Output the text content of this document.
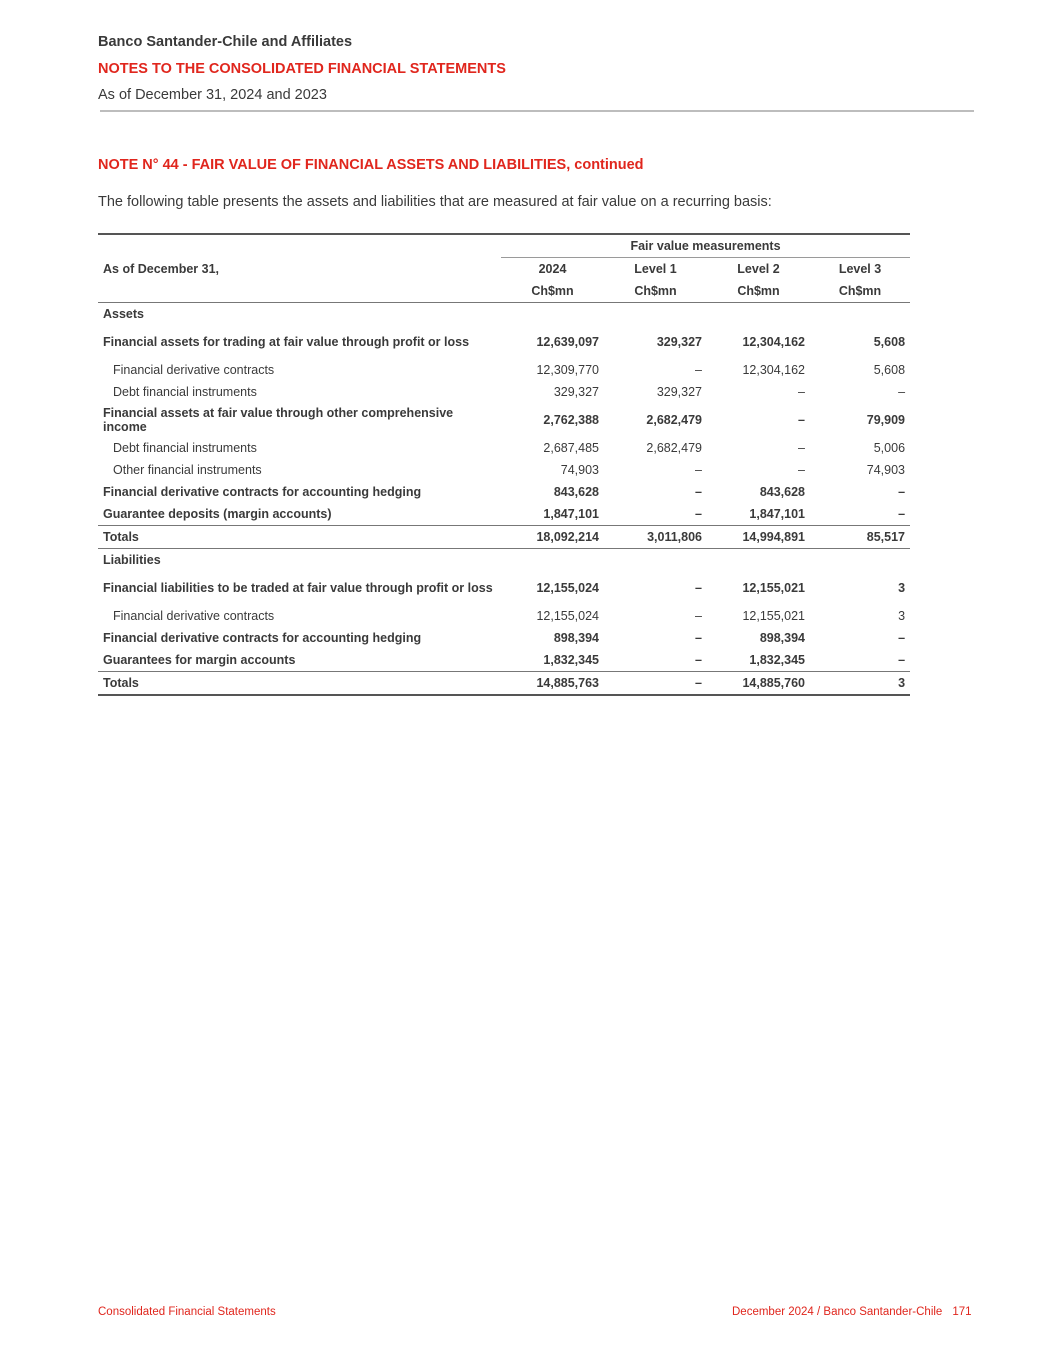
Banco Santander-Chile and Affiliates
NOTES TO THE CONSOLIDATED FINANCIAL STATEMENTS
As of December 31, 2024 and 2023
NOTE N° 44 - FAIR VALUE OF FINANCIAL ASSETS AND LIABILITIES, continued
The following table presents the assets and liabilities that are measured at fair value on a recurring basis:
	Fair value measurements			
As of December 31,	2024	Level 1	Level 2	Level 3
	Ch$mn	Ch$mn	Ch$mn	Ch$mn
Assets				
Financial assets for trading at fair value through profit or loss	12,639,097	329,327	12,304,162	5,608
Financial derivative contracts	12,309,770	–	12,304,162	5,608
Debt financial instruments	329,327	329,327	–	–
Financial assets at fair value through other comprehensive income	2,762,388	2,682,479	–	79,909
Debt financial instruments	2,687,485	2,682,479	–	5,006
Other financial instruments	74,903	–	–	74,903
Financial derivative contracts for accounting hedging	843,628	–	843,628	–
Guarantee deposits (margin accounts)	1,847,101	–	1,847,101	–
Totals	18,092,214	3,011,806	14,994,891	85,517
Liabilities				
Financial liabilities to be traded at fair value through profit or loss	12,155,024	–	12,155,021	3
Financial derivative contracts	12,155,024	–	12,155,021	3
Financial derivative contracts for accounting hedging	898,394	–	898,394	–
Guarantees for margin accounts	1,832,345	–	1,832,345	–
Totals	14,885,763	–	14,885,760	3
Consolidated Financial Statements	December 2024 / Banco Santander-Chile 171
